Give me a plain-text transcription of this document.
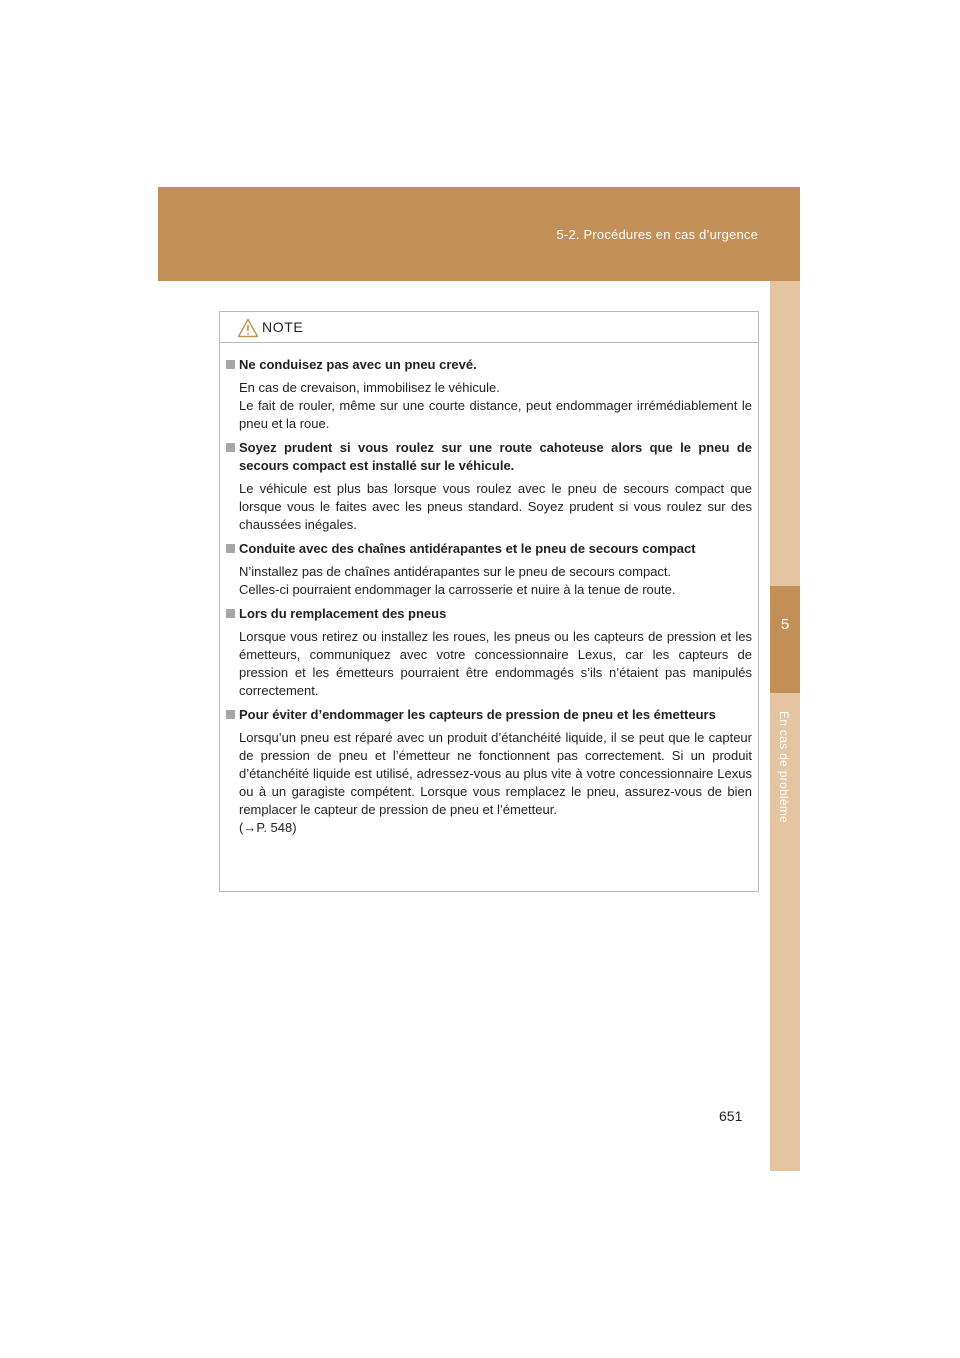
5-2. Procédures en cas d’urgence
5
En cas de problème
NOTE
Ne conduisez pas avec un pneu crevé.

En cas de crevaison, immobilisez le véhicule.

Le fait de rouler, même sur une courte distance, peut endommager irrémédiablement le pneu et la roue.

Soyez prudent si vous roulez sur une route cahoteuse alors que le pneu de secours compact est installé sur le véhicule.

Le véhicule est plus bas lorsque vous roulez avec le pneu de secours compact que lorsque vous le faites avec les pneus standard. Soyez prudent si vous roulez sur des chaussées inégales.

Conduite avec des chaînes antidérapantes et le pneu de secours compact

N’installez pas de chaînes antidérapantes sur le pneu de secours compact.

Celles-ci pourraient endommager la carrosserie et nuire à la tenue de route.

Lors du remplacement des pneus

Lorsque vous retirez ou installez les roues, les pneus ou les capteurs de pression et les émetteurs, communiquez avec votre concessionnaire Lexus, car les capteurs de pression et les émetteurs pourraient être endommagés s’ils n’étaient pas manipulés correctement.

Pour éviter d’endommager les capteurs de pression de pneu et les émetteurs

Lorsqu’un pneu est réparé avec un produit d’étanchéité liquide, il se peut que le capteur de pression de pneu et l’émetteur ne fonctionnent pas correctement. Si un produit d’étanchéité liquide est utilisé, adressez-vous au plus vite à votre concessionnaire Lexus ou à un garagiste compétent. Lorsque vous remplacez le pneu, assurez-vous de bien remplacer le capteur de pression de pneu et l’émetteur.

(→P. 548)

651
